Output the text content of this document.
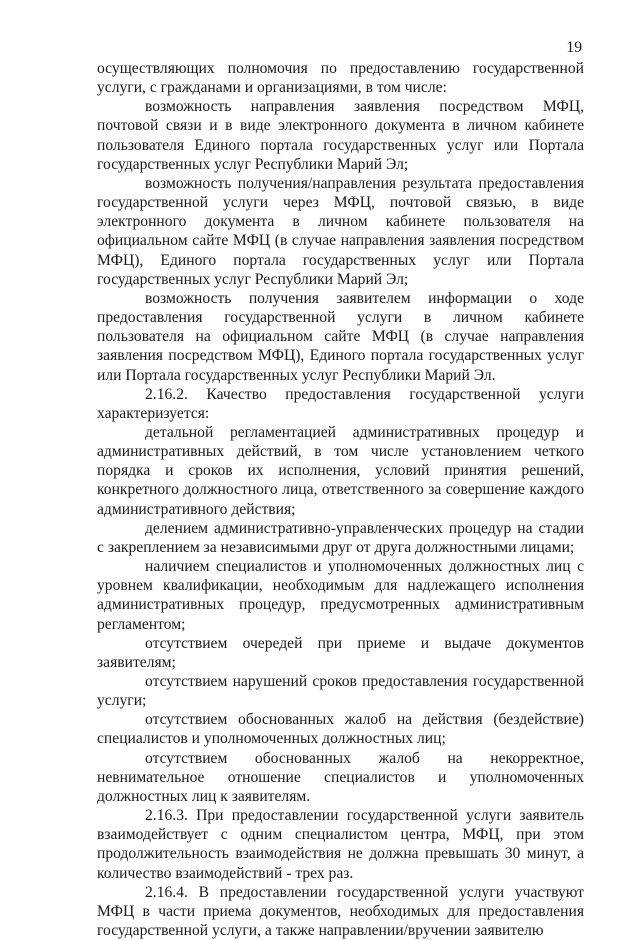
19

осуществляющих полномочия по предоставлению государственной услуги, с гражданами и организациями, в том числе:

возможность направления заявления посредством МФЦ, почтовой связи и в виде электронного документа в личном кабинете пользователя Единого портала государственных услуг или Портала государственных услуг Республики Марий Эл;

возможность получения/направления результата предоставления государственной услуги через МФЦ, почтовой связью, в виде электронного документа в личном кабинете пользователя на официальном сайте МФЦ (в случае направления заявления посредством МФЦ), Единого портала государственных услуг или Портала государственных услуг Республики Марий Эл;

возможность получения заявителем информации о ходе предоставления государственной услуги в личном кабинете пользователя на официальном сайте МФЦ (в случае направления заявления посредством МФЦ), Единого портала государственных услуг или Портала государственных услуг Республики Марий Эл.

2.16.2. Качество предоставления государственной услуги характеризуется:

детальной регламентацией административных процедур и административных действий, в том числе установлением четкого порядка и сроков их исполнения, условий принятия решений, конкретного должностного лица, ответственного за совершение каждого административного действия;

делением административно-управленческих процедур на стадии с закреплением за независимыми друг от друга должностными лицами;

наличием специалистов и уполномоченных должностных лиц с уровнем квалификации, необходимым для надлежащего исполнения административных процедур, предусмотренных административным регламентом;

отсутствием очередей при приеме и выдаче документов заявителям;

отсутствием нарушений сроков предоставления государственной услуги;

отсутствием обоснованных жалоб на действия (бездействие) специалистов и уполномоченных должностных лиц;

отсутствием обоснованных жалоб на некорректное, невнимательное отношение специалистов и уполномоченных должностных лиц к заявителям.

2.16.3. При предоставлении государственной услуги заявитель взаимодействует с одним специалистом центра, МФЦ, при этом продолжительность взаимодействия не должна превышать 30 минут, а количество взаимодействий - трех раз.

2.16.4. В предоставлении государственной услуги участвуют МФЦ в части приема документов, необходимых для предоставления государственной услуги, а также направлении/вручении заявителю
